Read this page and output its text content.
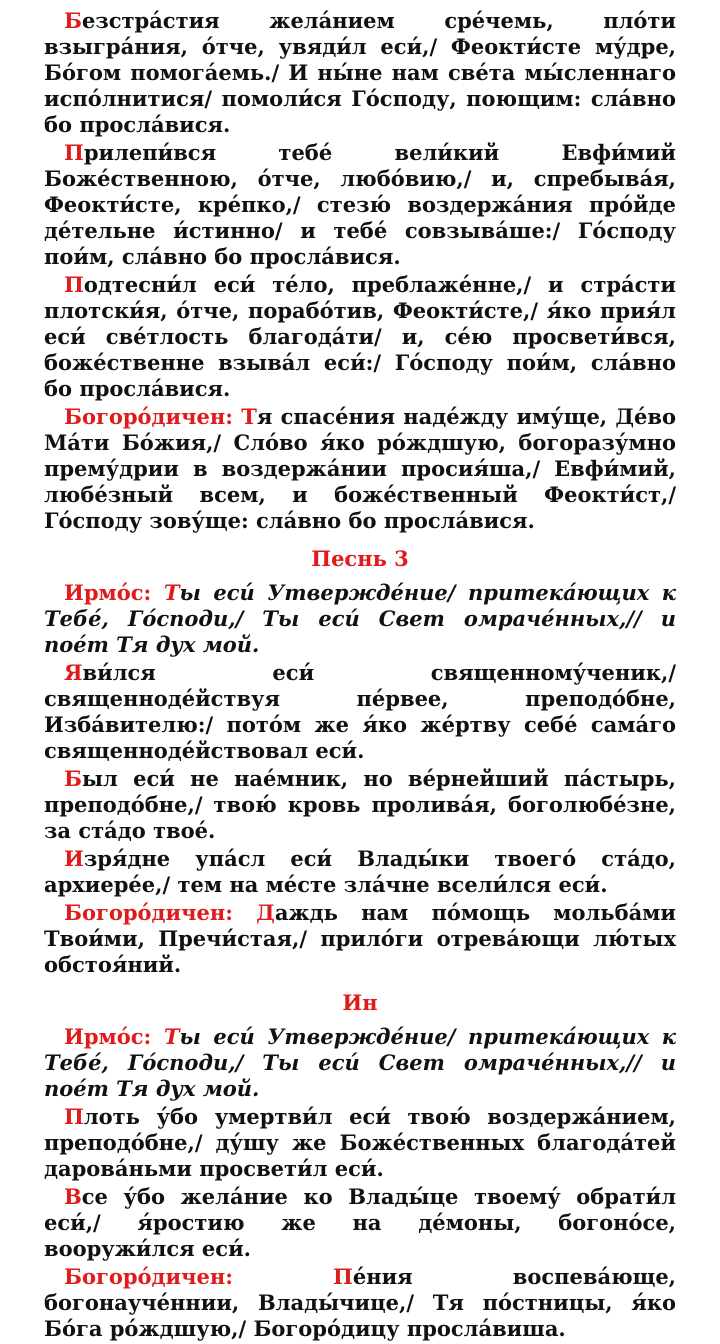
Безстра́стия жела́нием сре́чемь, пло́ти взыгра́ния, о́тче, увяди́л еси́,/ Феокти́сте му́дре, Бо́гом помога́емь./ И ны́не нам све́та мы́сленнаго испо́лнитися/ помоли́ся Го́споду, поющим: сла́вно бо просла́вися.

Прилепи́вся тебе́ вели́кий Евфи́мий Боже́ственною, о́тче, любо́вию,/ и, спребыва́я, Феокти́сте, кре́пко,/ стезю́ воздержа́ния про́йде де́тельне и́стинно/ и тебе́ совзыва́ше:/ Го́споду пои́м, сла́вно бо просла́вися.

Подтесни́л еси́ те́ло, преблаже́нне,/ и стра́сти плотски́я, о́тче, порабо́тив, Феокти́сте,/ я́ко прия́л еси́ све́тлость благода́ти/ и, се́ю просвети́вся, боже́ственне взыва́л еси́:/ Го́споду пои́м, сла́вно бо просла́вися.

Богоро́дичен: Тя спасе́ния наде́жду иму́ще, Де́во Ма́ти Бо́жия,/ Сло́во я́ко ро́ждшую, богоразу́мно прему́дрии в воздержа́нии просия́ша,/ Евфи́мий, любе́зный всем, и боже́ственный Феокти́ст,/ Го́споду зову́ще: сла́вно бо просла́вися.

Песнь 3

Ирмо́с: Ты еси́ Утвержде́ние/ притека́ющих к Тебе́, Го́споди,/ Ты еси́ Свет омраче́нных,// и пое́т Тя дух мой.

Яви́лся еси́ священному́ченик,/ священноде́йствуя пе́рвее, преподо́бне, Изба́вителю:/ пото́м же я́ко же́ртву себе́ сама́го священноде́йствовал еси́.

Был еси́ не нае́мник, но ве́рнейший па́стырь, преподо́бне,/ твою́ кровь пролива́я, боголюбе́зне, за ста́до твое́.

Изря́дне упа́сл еси́ Влады́ки твоего́ ста́до, архиере́е,/ тем на ме́сте зла́чне всели́лся еси́.

Богоро́дичен: Даждь нам по́мощь мольба́ми Твои́ми, Пречи́стая,/ прило́ги отрева́ющи лю́тых обстоя́ний.

Ин

Ирмо́с: Ты еси́ Утвержде́ние/ притека́ющих к Тебе́, Го́споди,/ Ты еси́ Свет омраче́нных,// и пое́т Тя дух мой.

Плоть у́бо умертви́л еси́ твою́ воздержа́нием, преподо́бне,/ ду́шу же Боже́ственных благода́тей дарова́ньми просвети́л еси́.

Все у́бо жела́ние ко Влады́це твоему́ обрати́л еси́,/ я́ростию же на де́моны, богоно́се, вооружи́лся еси́.

Богоро́дичен: Пе́ния воспева́юще, богонауче́ннии, Влады́чице,/ Тя по́стницы, я́ко Бо́га ро́ждшую,/ Богоро́дицу просла́виша.
